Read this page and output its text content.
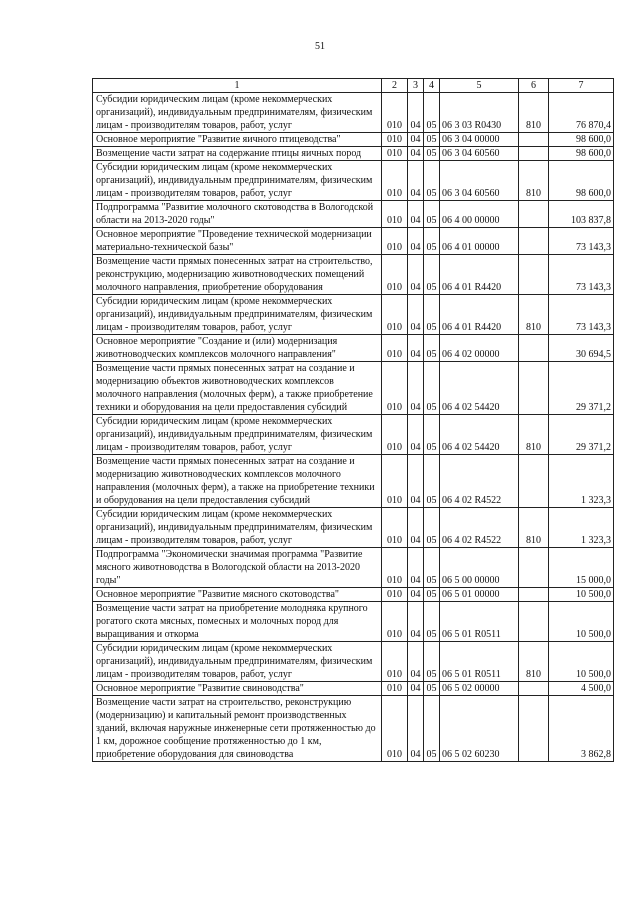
51
1	2	3	4	5	6	7
Субсидии юридическим лицам (кроме некоммерческих организаций), индивидуальным предпринимателям, физическим лицам - производителям товаров, работ, услуг	010	04	05	06 3 03 R0430	810	76 870,4
Основное мероприятие "Развитие яичного птицеводства"	010	04	05	06 3 04 00000		98 600,0
Возмещение части затрат на содержание птицы яичных пород	010	04	05	06 3 04 60560		98 600,0
Субсидии юридическим лицам (кроме некоммерческих организаций), индивидуальным предпринимателям, физическим лицам - производителям товаров, работ, услуг	010	04	05	06 3 04 60560	810	98 600,0
Подпрограмма "Развитие молочного скотоводства в Вологодской области на 2013-2020 годы"	010	04	05	06 4 00 00000		103 837,8
Основное мероприятие "Проведение технической модернизации материально-технической базы"	010	04	05	06 4 01 00000		73 143,3
Возмещение части прямых понесенных затрат на строительство, реконструкцию, модернизацию животноводческих помещений молочного направления, приобретение оборудования	010	04	05	06 4 01 R4420		73 143,3
Субсидии юридическим лицам (кроме некоммерческих организаций), индивидуальным предпринимателям, физическим лицам - производителям товаров, работ, услуг	010	04	05	06 4 01 R4420	810	73 143,3
Основное мероприятие "Создание и (или) модернизация животноводческих комплексов молочного направления"	010	04	05	06 4 02 00000		30 694,5
Возмещение части прямых понесенных затрат на создание и модернизацию объектов животноводческих комплексов молочного направления (молочных ферм), а также приобретение техники и оборудования на цели предоставления субсидий	010	04	05	06 4 02 54420		29 371,2
Субсидии юридическим лицам (кроме некоммерческих организаций), индивидуальным предпринимателям, физическим лицам - производителям товаров, работ, услуг	010	04	05	06 4 02 54420	810	29 371,2
Возмещение части прямых понесенных затрат на создание и модернизацию животноводческих комплексов молочного направления (молочных ферм), а также на приобретение техники и оборудования на цели предоставления субсидий	010	04	05	06 4 02 R4522		1 323,3
Субсидии юридическим лицам (кроме некоммерческих организаций), индивидуальным предпринимателям, физическим лицам - производителям товаров, работ, услуг	010	04	05	06 4 02 R4522	810	1 323,3
Подпрограмма "Экономически значимая программа "Развитие мясного животноводства в Вологодской области на 2013-2020 годы"	010	04	05	06 5 00 00000		15 000,0
Основное мероприятие "Развитие мясного скотоводства"	010	04	05	06 5 01 00000		10 500,0
Возмещение части затрат на приобретение молодняка крупного рогатого скота мясных, помесных и молочных пород для выращивания и откорма	010	04	05	06 5 01 R0511		10 500,0
Субсидии юридическим лицам (кроме некоммерческих организаций), индивидуальным предпринимателям, физическим лицам - производителям товаров, работ, услуг	010	04	05	06 5 01 R0511	810	10 500,0
Основное мероприятие "Развитие свиноводства"	010	04	05	06 5 02 00000		4 500,0
Возмещение части затрат на строительство, реконструкцию (модернизацию) и капитальный ремонт производственных зданий, включая наружные инженерные сети протяженностью до 1 км, дорожное сообщение протяженностью до 1 км, приобретение оборудования для свиноводства	010	04	05	06 5 02 60230		3 862,8
